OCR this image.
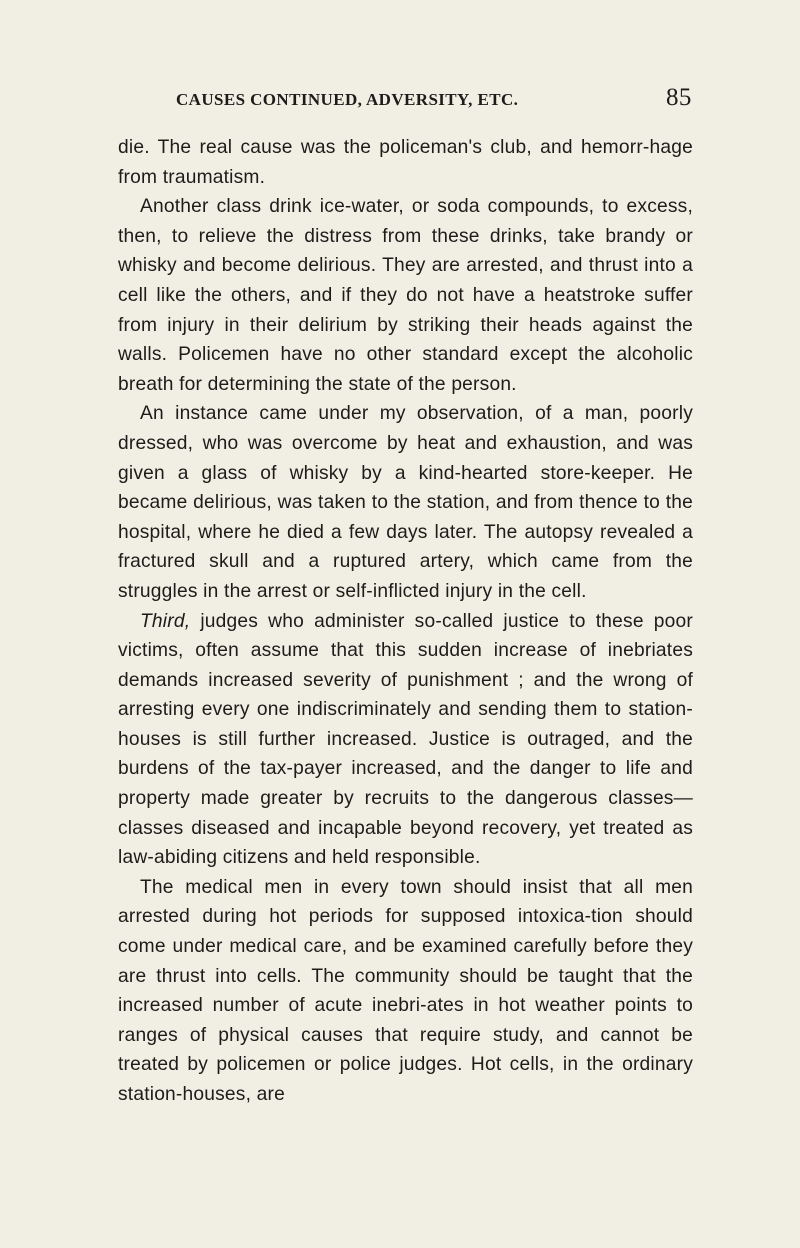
CAUSES CONTINUED, ADVERSITY, ETC.	85

die. The real cause was the policeman's club, and hemorr-hage from traumatism.

Another class drink ice-water, or soda compounds, to excess, then, to relieve the distress from these drinks, take brandy or whisky and become delirious. They are arrested, and thrust into a cell like the others, and if they do not have a heatstroke suffer from injury in their delirium by striking their heads against the walls. Policemen have no other standard except the alcoholic breath for determining the state of the person.

An instance came under my observation, of a man, poorly dressed, who was overcome by heat and exhaustion, and was given a glass of whisky by a kind-hearted store-keeper. He became delirious, was taken to the station, and from thence to the hospital, where he died a few days later. The autopsy revealed a fractured skull and a ruptured artery, which came from the struggles in the arrest or self-inflicted injury in the cell.

Third, judges who administer so-called justice to these poor victims, often assume that this sudden increase of inebriates demands increased severity of punishment ; and the wrong of arresting every one indiscriminately and sending them to station-houses is still further increased. Justice is outraged, and the burdens of the tax-payer increased, and the danger to life and property made greater by recruits to the dangerous classes—classes diseased and incapable beyond recovery, yet treated as law-abiding citizens and held responsible.

The medical men in every town should insist that all men arrested during hot periods for supposed intoxica-tion should come under medical care, and be examined carefully before they are thrust into cells. The community should be taught that the increased number of acute inebri-ates in hot weather points to ranges of physical causes that require study, and cannot be treated by policemen or police judges. Hot cells, in the ordinary station-houses, are
